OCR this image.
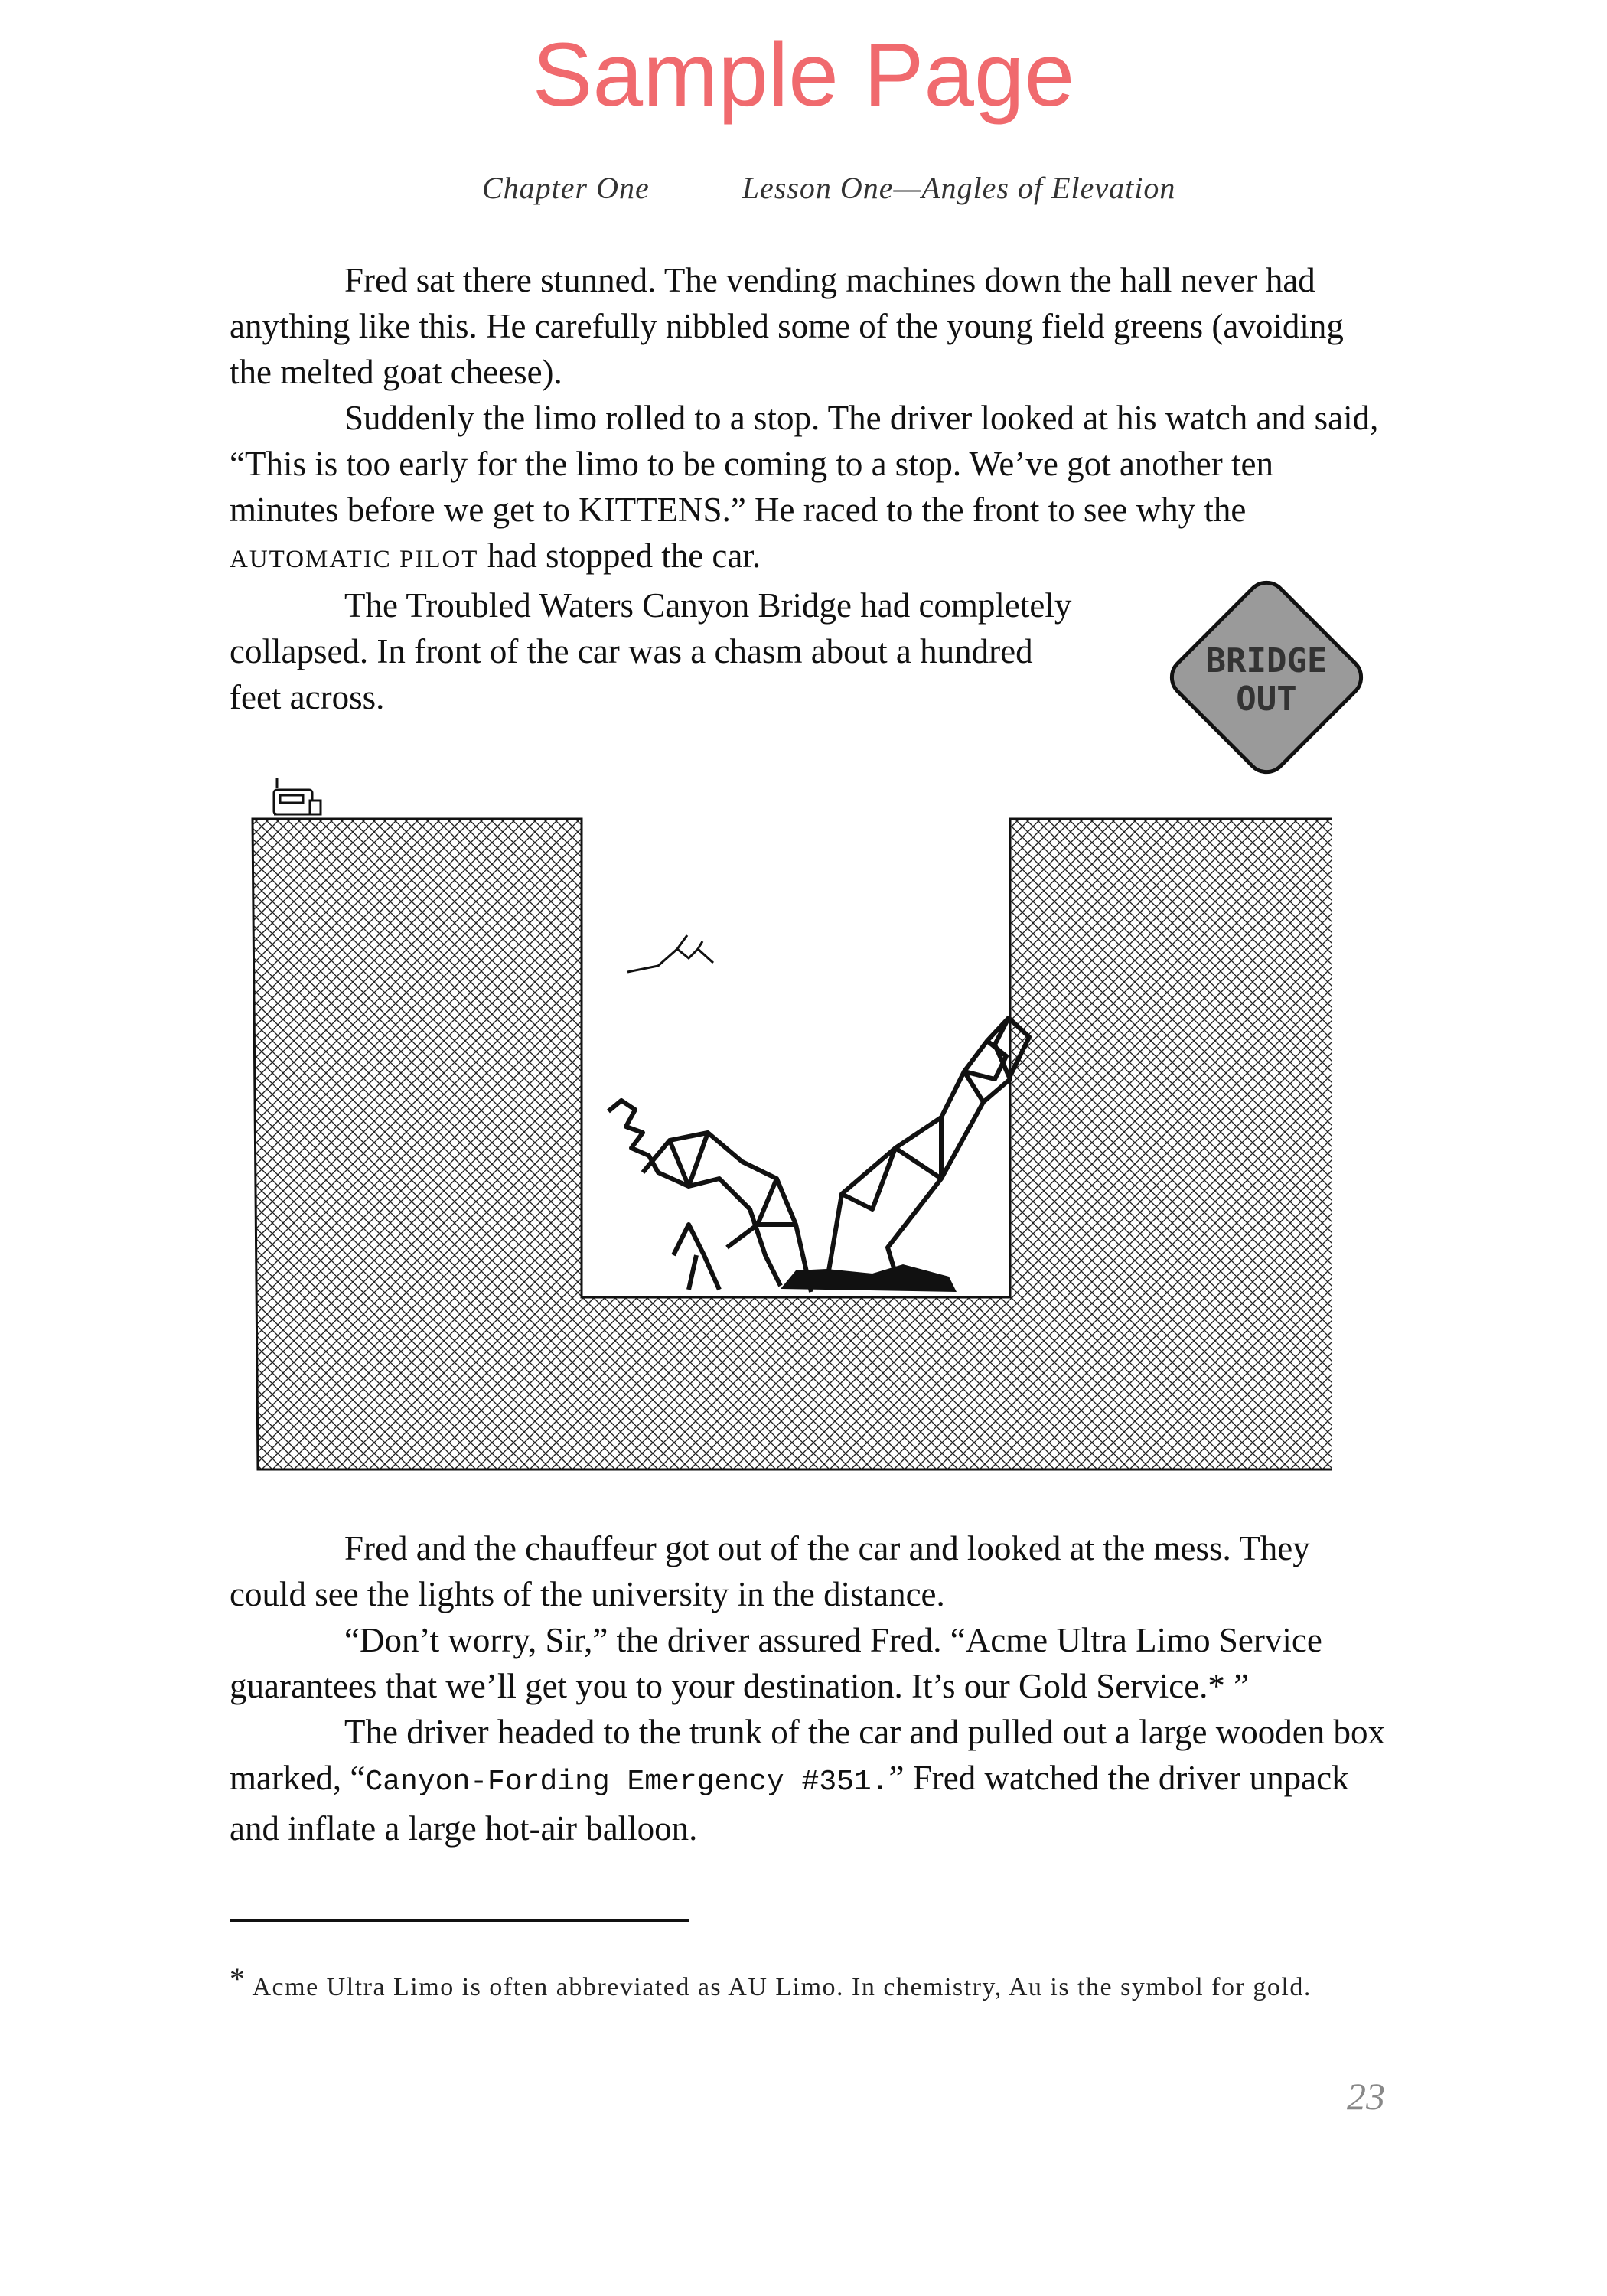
Sample Page
Chapter One	Lesson One—Angles of Elevation

Fred sat there stunned. The vending machines down the hall never had anything like this. He carefully nibbled some of the young field greens (avoiding the melted goat cheese).

Suddenly the limo rolled to a stop. The driver looked at his watch and said, “This is too early for the limo to be coming to a stop. We’ve got another ten minutes before we get to KITTENS.” He raced to the front to see why the AUTOMATIC PILOT had stopped the car.

The Troubled Waters Canyon Bridge had completely collapsed. In front of the car was a chasm about a hundred feet across.

BRIDGE
OUT

Fred and the chauffeur got out of the car and looked at the mess. They could see the lights of the university in the distance.

“Don’t worry, Sir,” the driver assured Fred. “Acme Ultra Limo Service guarantees that we’ll get you to your destination. It’s our Gold Service.* ”

The driver headed to the trunk of the car and pulled out a large wooden box marked, “Canyon-Fording Emergency #351.” Fred watched the driver unpack and inflate a large hot-air balloon.

* Acme Ultra Limo is often abbreviated as AU Limo. In chemistry, Au is the symbol for gold.
23
